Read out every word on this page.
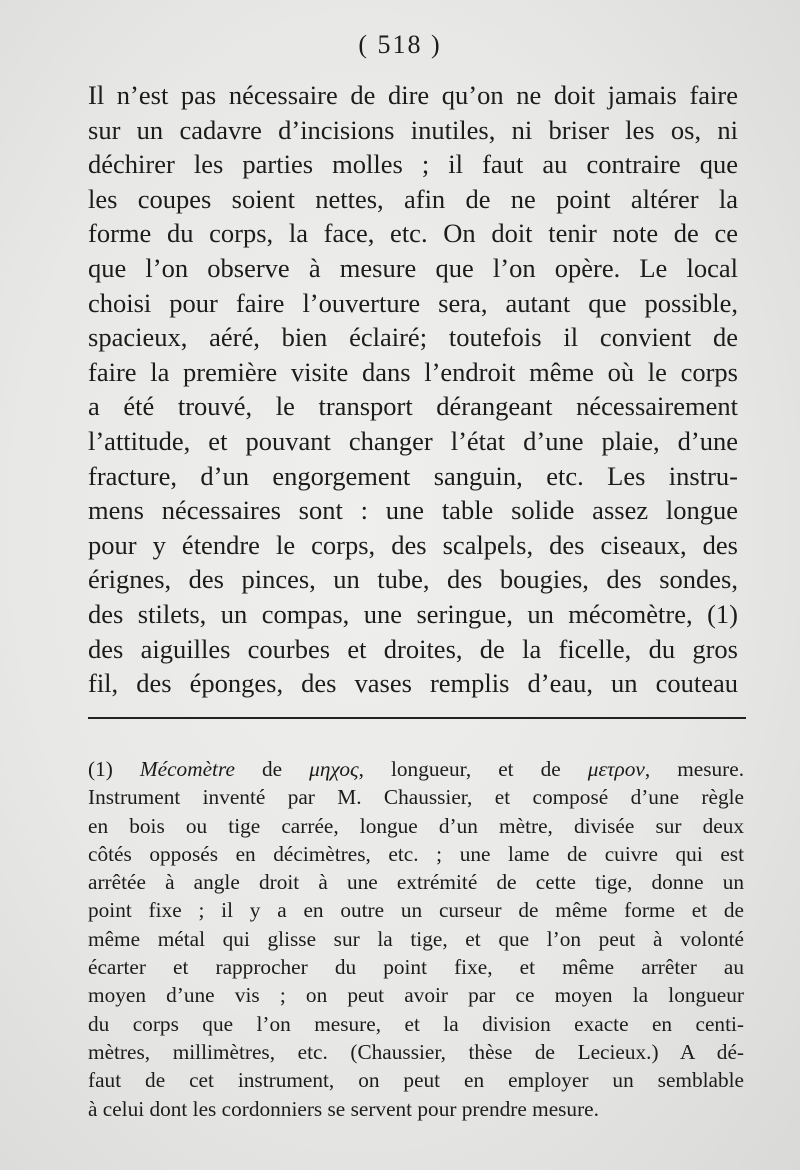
( 518 )
Il n’est pas nécessaire de dire qu’on ne doit jamais faire
sur un cadavre d’incisions inutiles, ni briser les os, ni
déchirer les parties molles ; il faut au contraire que
les coupes soient nettes, afin de ne point altérer la
forme du corps, la face, etc. On doit tenir note de ce
que l’on observe à mesure que l’on opère. Le local
choisi pour faire l’ouverture sera, autant que possible,
spacieux, aéré, bien éclairé; toutefois il convient de
faire la première visite dans l’endroit même où le corps
a été trouvé, le transport dérangeant nécessairement
l’attitude, et pouvant changer l’état d’une plaie, d’une
fracture, d’un engorgement sanguin, etc. Les instru-
mens nécessaires sont : une table solide assez longue
pour y étendre le corps, des scalpels, des ciseaux, des
érignes, des pinces, un tube, des bougies, des sondes,
des stilets, un compas, une seringue, un mécomètre, (1)
des aiguilles courbes et droites, de la ficelle, du gros
fil, des éponges, des vases remplis d’eau, un couteau
(1) Mécomètre de μηχος, longueur, et de μετρον, mesure.
Instrument inventé par M. Chaussier, et composé d’une règle
en bois ou tige carrée, longue d’un mètre, divisée sur deux
côtés opposés en décimètres, etc. ; une lame de cuivre qui est
arrêtée à angle droit à une extrémité de cette tige, donne un
point fixe ; il y a en outre un curseur de même forme et de
même métal qui glisse sur la tige, et que l’on peut à volonté
écarter et rapprocher du point fixe, et même arrêter au
moyen d’une vis ; on peut avoir par ce moyen la longueur
du corps que l’on mesure, et la division exacte en centi-
mètres, millimètres, etc. (Chaussier, thèse de Lecieux.) A dé-
faut de cet instrument, on peut en employer un semblable
à celui dont les cordonniers se servent pour prendre mesure.
